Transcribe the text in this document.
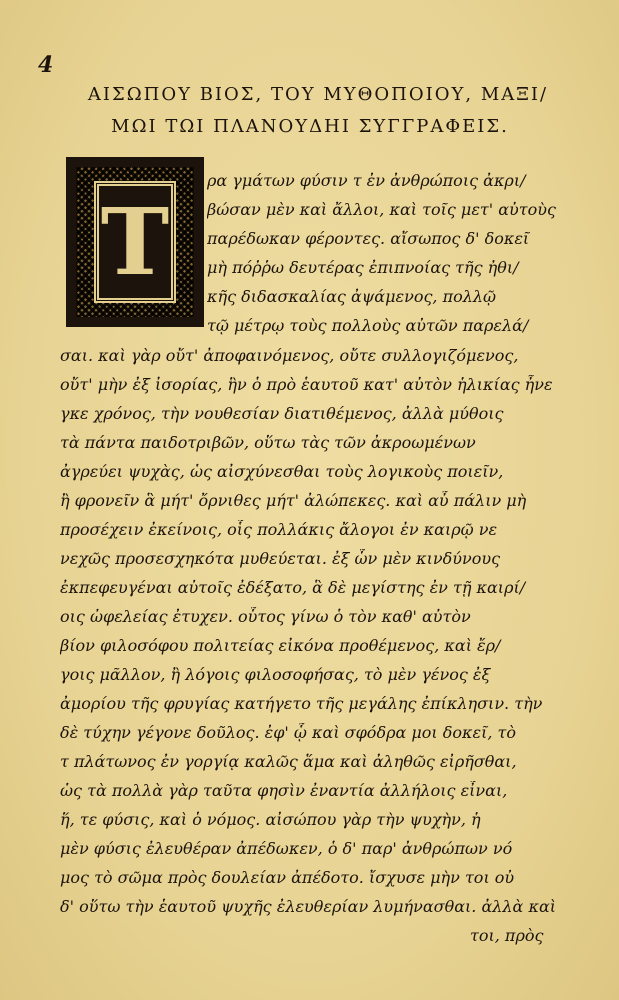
4
ΑΙΣΩΠΟΥ ΒΙΟΣ, ΤΟΥ ΜΥΘΟΠΟΙΟΥ, ΜΑΞΙ/
ΜΩΙ ΤΩΙ ΠΛΑΝΟΥΔΗΙ ΣΥΓΓΡΑΦΕΙΣ.
Τ
ρα γμάτων φύσιν τ ἐν ἀνθρώποις ἀκρι/
βώσαν μὲν καὶ ἄλλοι, καὶ τοῖς μετ' αὐτοὺς
παρέδωκαν φέροντες. αἴσωπος δ' δοκεῖ
μὴ πόῤῥω δευτέρας ἐπιπνοίας τῆς ἠθι/
κῆς διδασκαλίας ἀψάμενος, πολλῷ
τῷ μέτρῳ τοὺς πολλοὺς αὐτῶν παρελά/
σαι. καὶ γὰρ οὔτ' ἀποφαινόμενος, οὔτε συλλογιζόμενος,
οὔτ' μὴν ἐξ ἰσορίας, ἣν ὁ πρὸ ἑαυτοῦ κατ' αὐτὸν ἡλικίας ἦνε
γκε χρόνος, τὴν νουθεσίαν διατιθέμενος, ἀλλὰ μύθοις
τὰ πάντα παιδοτριβῶν, οὕτω τὰς τῶν ἀκροωμένων
ἀγρεύει ψυχὰς, ὡς αἰσχύνεσθαι τοὺς λογικοὺς ποιεῖν,
ἢ φρονεῖν ἃ μήτ' ὄρνιθες μήτ' ἀλώπεκες. καὶ αὖ πάλιν μὴ
προσέχειν ἐκείνοις, οἷς πολλάκις ἄλογοι ἐν καιρῷ νε
νεχῶς προσεσχηκότα μυθεύεται. ἐξ ὧν μὲν κινδύνους
ἐκπεφευγέναι αὐτοῖς ἐδέξατο, ἃ δὲ μεγίστης ἐν τῇ καιρί/
οις ὠφελείας ἐτυχεν. οὗτος γίνω ὁ τὸν καθ' αὐτὸν
βίον φιλοσόφου πολιτείας εἰκόνα προθέμενος, καὶ ἔρ/
γοις μᾶλλον, ἢ λόγοις φιλοσοφήσας, τὸ μὲν γένος ἐξ
ἀμορίου τῆς φρυγίας κατήγετο τῆς μεγάλης ἐπίκλησιν. τὴν
δὲ τύχην γέγονε δοῦλος. ἐφ' ᾧ καὶ σφόδρα μοι δοκεῖ, τὸ
τ πλάτωνος ἐν γοργίᾳ καλῶς ἅμα καὶ ἀληθῶς εἰρῆσθαι,
ὡς τὰ πολλὰ γὰρ ταῦτα φησὶν ἐναντία ἀλλήλοις εἶναι,
ἥ, τε φύσις, καὶ ὁ νόμος. αἰσώπου γὰρ τὴν ψυχὴν, ἡ
μὲν φύσις ἐλευθέραν ἀπέδωκεν, ὁ δ' παρ' ἀνθρώπων νό
μος τὸ σῶμα πρὸς δουλείαν ἀπέδοτο. ἴσχυσε μὴν τοι οὐ
δ' οὕτω τὴν ἑαυτοῦ ψυχῆς ἐλευθερίαν λυμήνασθαι. ἀλλὰ καὶ
τοι, πρὸς
